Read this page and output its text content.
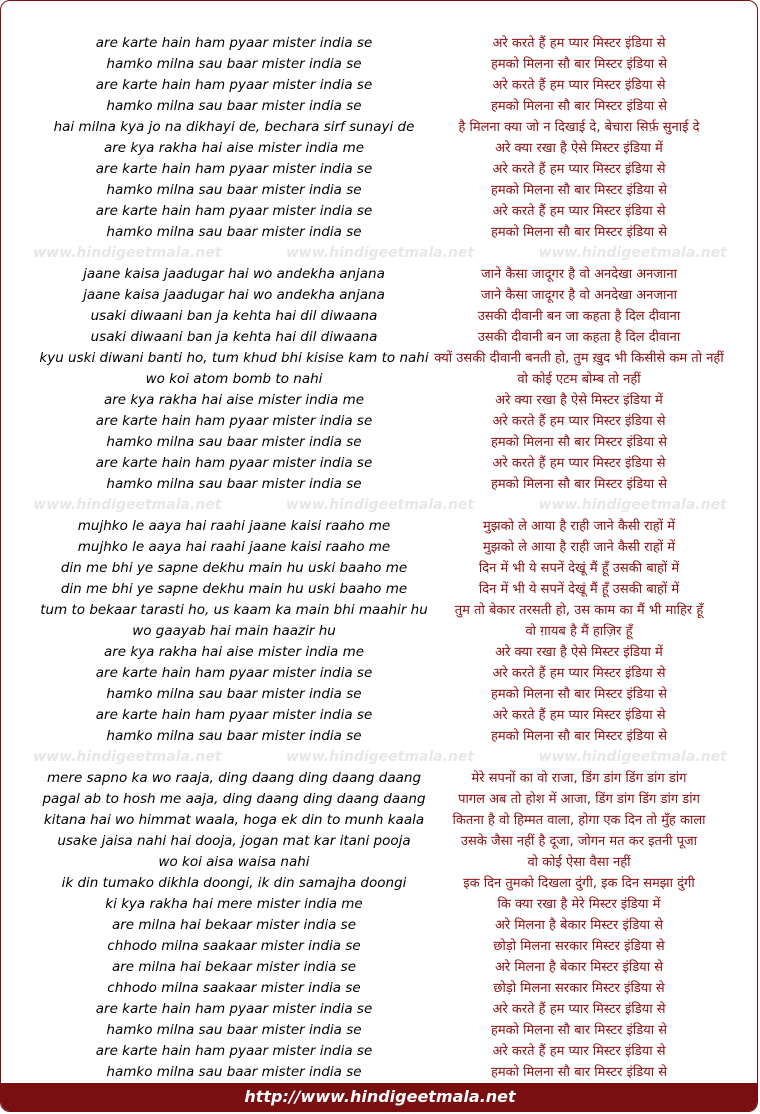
are karte hain ham pyaar mister india se	अरे करते हैं हम प्यार मिस्टर इंडिया से
hamko milna sau baar mister india se	हमको मिलना सौ बार मिस्टर इंडिया से
are karte hain ham pyaar mister india se	अरे करते हैं हम प्यार मिस्टर इंडिया से
hamko milna sau baar mister india se	हमको मिलना सौ बार मिस्टर इंडिया से
hai milna kya jo na dikhayi de, bechara sirf sunayi de	है मिलना क्या जो न दिखाई दे, बेचारा सिर्फ़ सुनाई दे
are kya rakha hai aise mister india me	अरे क्या रखा है ऐसे मिस्टर इंडिया में
are karte hain ham pyaar mister india se	अरे करते हैं हम प्यार मिस्टर इंडिया से
hamko milna sau baar mister india se	हमको मिलना सौ बार मिस्टर इंडिया से
are karte hain ham pyaar mister india se	अरे करते हैं हम प्यार मिस्टर इंडिया से
hamko milna sau baar mister india se	हमको मिलना सौ बार मिस्टर इंडिया से
www.hindigeetmala.net	www.hindigeetmala.net	www.hindigeetmala.net
jaane kaisa jaadugar hai wo andekha anjana	जाने कैसा जादूगर है वो अनदेखा अनजाना
jaane kaisa jaadugar hai wo andekha anjana	जाने कैसा जादूगर है वो अनदेखा अनजाना
usaki diwaani ban ja kehta hai dil diwaana	उसकी दीवानी बन जा कहता है दिल दीवाना
usaki diwaani ban ja kehta hai dil diwaana	उसकी दीवानी बन जा कहता है दिल दीवाना
kyu uski diwani banti ho, tum khud bhi kisise kam to nahi क्यों उसकी दीवानी बनती हो, तुम ख़ुद भी किसीसे कम तो नहीं
wo koi atom bomb to nahi	वो कोई एटम बोम्ब तो नहीं
are kya rakha hai aise mister india me	अरे क्या रखा है ऐसे मिस्टर इंडिया में
are karte hain ham pyaar mister india se	अरे करते हैं हम प्यार मिस्टर इंडिया से
hamko milna sau baar mister india se	हमको मिलना सौ बार मिस्टर इंडिया से
are karte hain ham pyaar mister india se	अरे करते हैं हम प्यार मिस्टर इंडिया से
hamko milna sau baar mister india se	हमको मिलना सौ बार मिस्टर इंडिया से
www.hindigeetmala.net	www.hindigeetmala.net	www.hindigeetmala.net
mujhko le aaya hai raahi jaane kaisi raaho me	मुझको ले आया है राही जाने कैसी राहों में
mujhko le aaya hai raahi jaane kaisi raaho me	मुझको ले आया है राही जाने कैसी राहों में
din me bhi ye sapne dekhu main hu uski baaho me	दिन में भी ये सपनें देखूं मैं हूँ उसकी बाहों में
din me bhi ye sapne dekhu main hu uski baaho me	दिन में भी ये सपनें देखूं मैं हूँ उसकी बाहों में
tum to bekaar tarasti ho, us kaam ka main bhi maahir hu	तुम तो बेकार तरसती हो, उस काम का मैं भी माहिर हूँ
wo gaayab hai main haazir hu	वो ग़ायब है मैं हाज़िर हूँ
are kya rakha hai aise mister india me	अरे क्या रखा है ऐसे मिस्टर इंडिया में
are karte hain ham pyaar mister india se	अरे करते हैं हम प्यार मिस्टर इंडिया से
hamko milna sau baar mister india se	हमको मिलना सौ बार मिस्टर इंडिया से
are karte hain ham pyaar mister india se	अरे करते हैं हम प्यार मिस्टर इंडिया से
hamko milna sau baar mister india se	हमको मिलना सौ बार मिस्टर इंडिया से
www.hindigeetmala.net	www.hindigeetmala.net	www.hindigeetmala.net
mere sapno ka wo raaja, ding daang ding daang daang	मेरे सपनों का वो राजा, डिंग डांग डिंग डांग डांग
pagal ab to hosh me aaja, ding daang ding daang daang	पागल अब तो होश में आजा, डिंग डांग डिंग डांग डांग
kitana hai wo himmat waala, hoga ek din to munh kaala	कितना है वो हिम्मत वाला, होगा एक दिन तो मुँह काला
usake jaisa nahi hai dooja, jogan mat kar itani pooja	उसके जैसा नहीं है दूजा, जोगन मत कर इतनी पूजा
wo koi aisa waisa nahi	वो कोई ऐसा वैसा नहीं
ik din tumako dikhla doongi, ik din samajha doongi	इक दिन तुमको दिखला दुंगी, इक दिन समझा दुंगी
ki kya rakha hai mere mister india me	कि क्या रखा है मेरे मिस्टर इंडिया में
are milna hai bekaar mister india se	अरे मिलना है बेकार मिस्टर इंडिया से
chhodo milna saakaar mister india se	छोड़ो मिलना सरकार मिस्टर इंडिया से
are milna hai bekaar mister india se	अरे मिलना है बेकार मिस्टर इंडिया से
chhodo milna saakaar mister india se	छोड़ो मिलना सरकार मिस्टर इंडिया से
are karte hain ham pyaar mister india se	अरे करते हैं हम प्यार मिस्टर इंडिया से
hamko milna sau baar mister india se	हमको मिलना सौ बार मिस्टर इंडिया से
are karte hain ham pyaar mister india se	अरे करते हैं हम प्यार मिस्टर इंडिया से
hamko milna sau baar mister india se	हमको मिलना सौ बार मिस्टर इंडिया से
http://www.hindigeetmala.net
